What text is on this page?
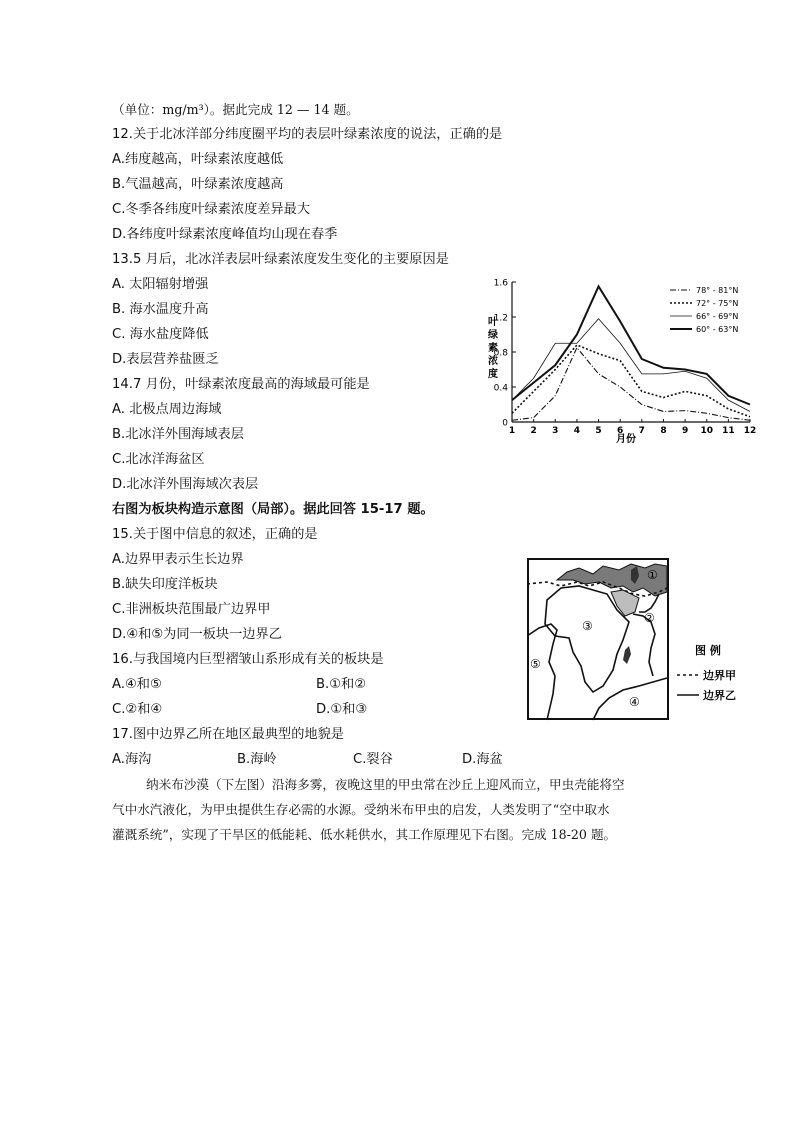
（单位：mg/m³）。据此完成 12 — 14 题。
12.关于北冰洋部分纬度圈平均的表层叶绿素浓度的说法，正确的是
A.纬度越高，叶绿素浓度越低
B.气温越高，叶绿素浓度越高
C.冬季各纬度叶绿素浓度差异最大
D.各纬度叶绿素浓度峰值均山现在春季
13.5 月后，北冰洋表层叶绿素浓度发生变化的主要原因是
A. 太阳辐射增强
B. 海水温度升高
C. 海水盐度降低
D.表层营养盐匮乏
14.7 月份，叶绿素浓度最高的海域最可能是
A. 北极点周边海域
B.北冰洋外围海域表层
C.北冰洋海盆区
D.北冰洋外围海域次表层
右图为板块构造示意图（局部）。据此回答 15-17 题。
15.关于图中信息的叙述，正确的是
A.边界甲表示生长边界
B.缺失印度洋板块
C.非洲板块范围最广边界甲
D.④和⑤为同一板块一边界乙
16.与我国境内巨型褶皱山系形成有关的板块是
A.④和⑤	B.①和②
C.②和④	D.①和③
17.图中边界乙所在地区最典型的地貌是
A.海沟	B.海岭	C.裂谷	D.海盆
纳米布沙漠（下左图）沿海多雾，夜晚这里的甲虫常在沙丘上迎风而立，甲虫壳能将空
气中水汽液化，为甲虫提供生存必需的水源。受纳米布甲虫的启发，人类发明了“空中取水
灌溉系统”，实现了干旱区的低能耗、低水耗供水，其工作原理见下右图。完成 18-20 题。
0
0.4
0.8
1.2
1.6
1 2 3 4 5 6 7 8 9 10 11 12
78° - 81°N
72° - 75°N
66° - 69°N
60° - 63°N
叶绿素浓度
月份
①
②
③
④
⑤
图 例
边界甲
边界乙
